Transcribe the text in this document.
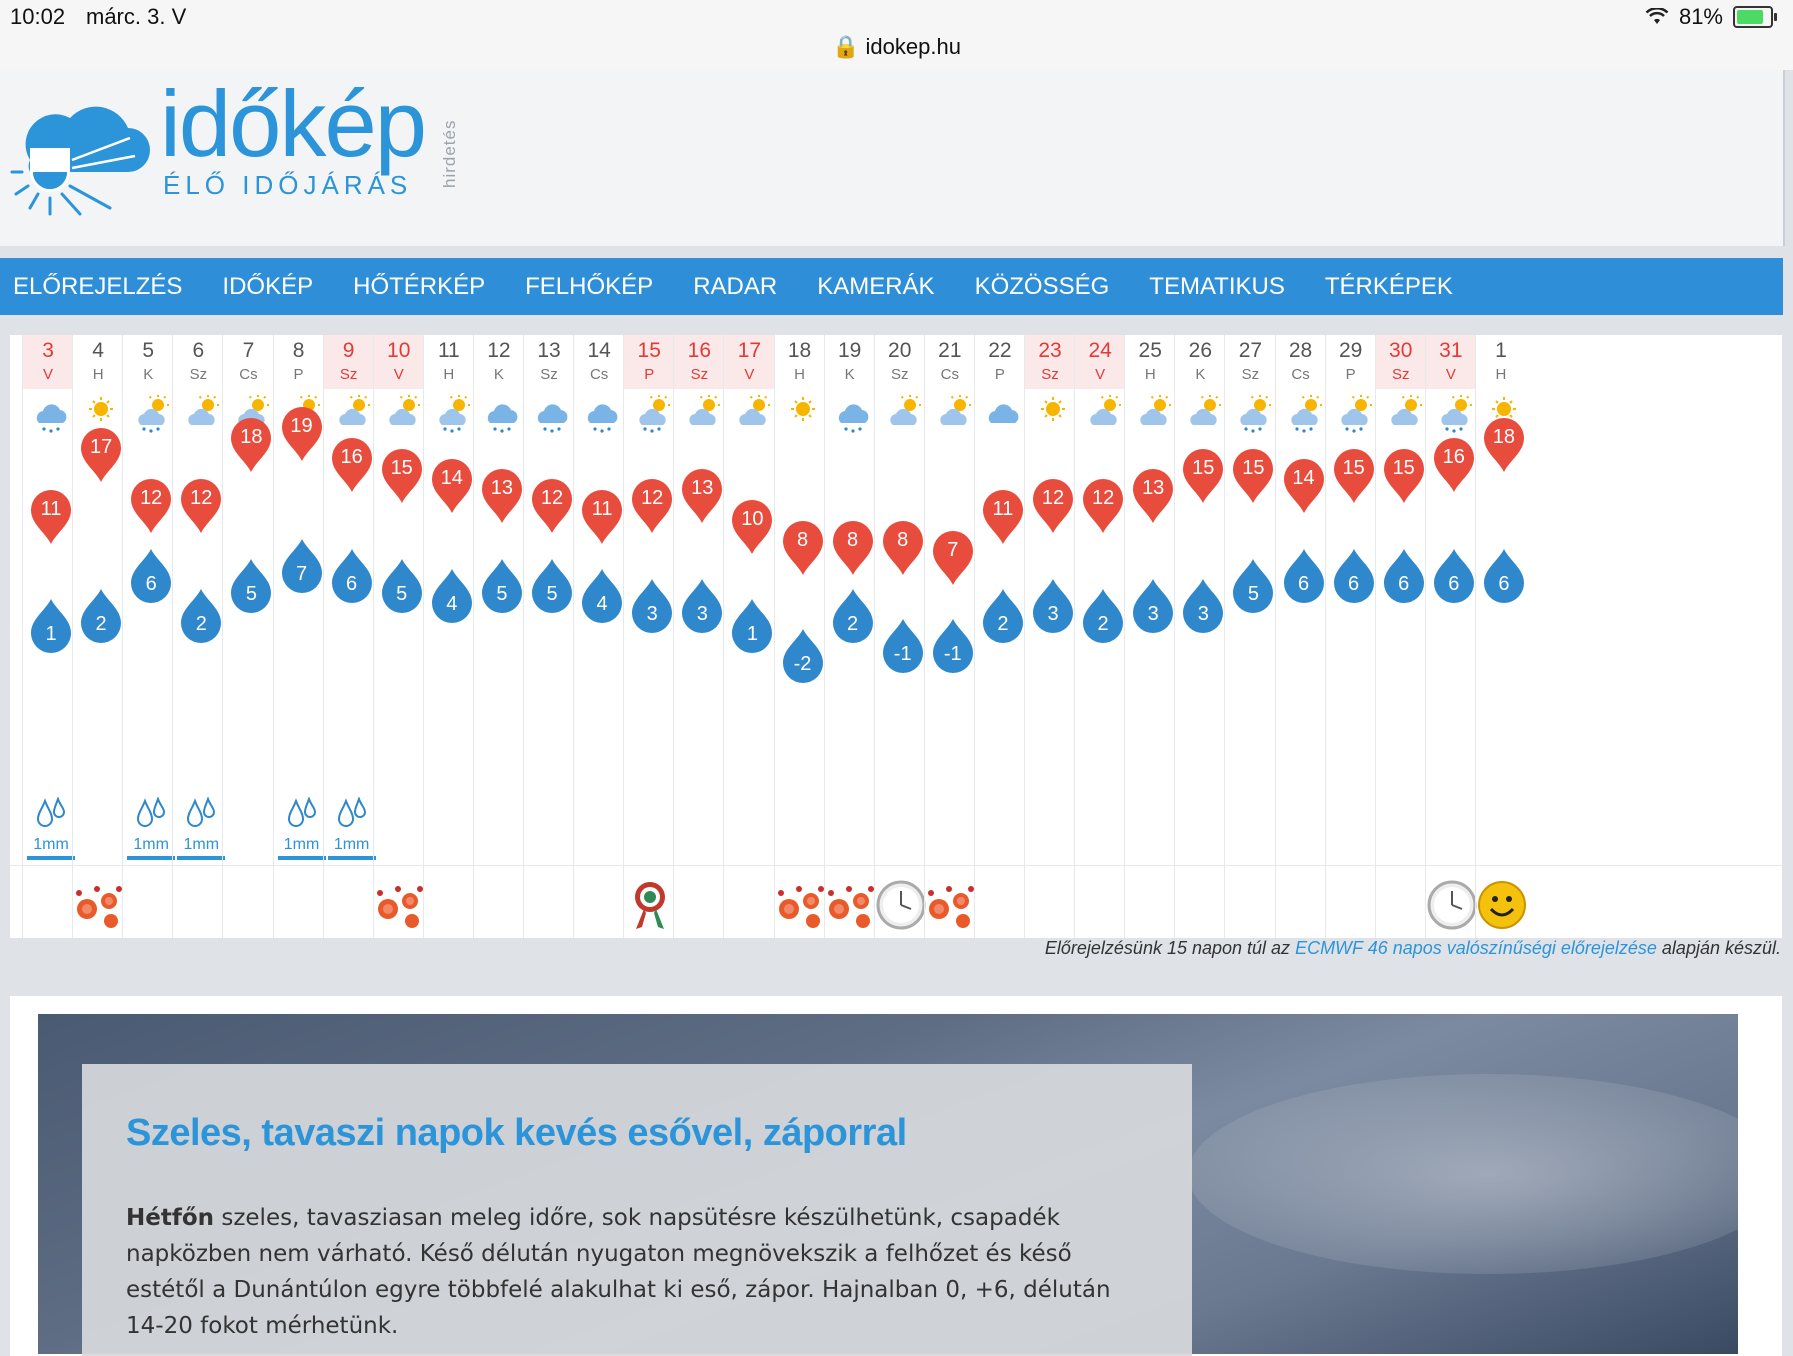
10:02 márc. 3. V
🔒 idokep.hu
81%
időkép
ÉLŐ IDŐJÁRÁS hirdetés
ELŐREJELZÉS IDŐKÉP HŐTÉRKÉP FELHŐKÉP RADAR KAMERÁK KÖZÖSSÉG TEMATIKUS TÉRKÉPEK
3
V
11
1
1mm
4
H
17
2
5
K
12
6
1mm
6
Sz
12
2
1mm
7
Cs
18
5
8
P
19
7
1mm
9
Sz
16
6
1mm
10
V
15
5
11
H
14
4
12
K
13
5
13
Sz
12
5
14
Cs
11
4
15
P
12
3
16
Sz
13
3
17
V
10
1
18
H
8
-2
19
K
8
2
20
Sz
8
-1
21
Cs
7
-1
22
P
11
2
23
Sz
12
3
24
V
12
2
25
H
13
3
26
K
15
3
27
Sz
15
5
28
Cs
14
6
29
P
15
6
30
Sz
15
6
31
V
16
6
1
H
18
6
Előrejelzésünk 15 napon túl az ECMWF 46 napos valószínűségi előrejelzése alapján készül.
Szeles, tavaszi napok kevés esővel, záporral
Hétfőn szeles, tavasziasan meleg időre, sok napsütésre készülhetünk, csapadék napközben nem várható. Késő délután nyugaton megnövekszik a felhőzet és késő estétől a Dunántúlon egyre többfelé alakulhat ki eső, zápor. Hajnalban 0, +6, délután 14-20 fokot mérhetünk.
